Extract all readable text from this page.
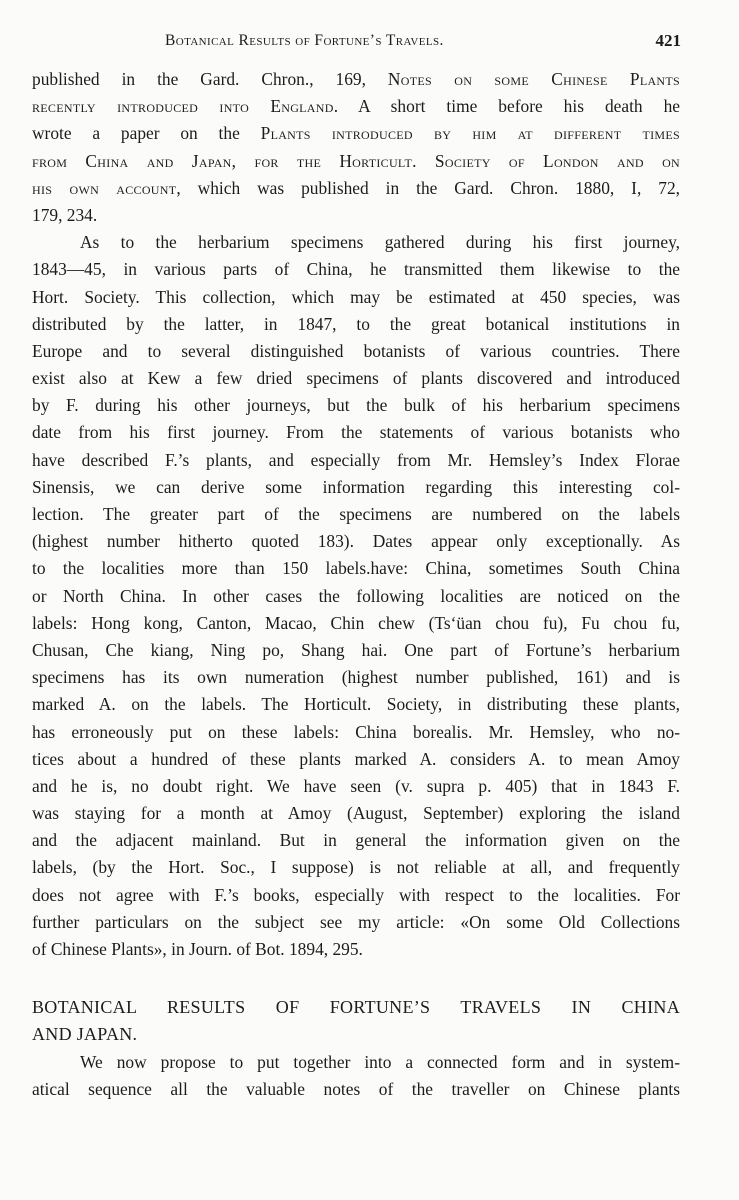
Botanical Results of Fortune’s Travels.	421
published in the Gard. Chron., 169, Notes on some Chinese Plants
recently introduced into England. A short time before his death he
wrote a paper on the Plants introduced by him at different times
from China and Japan, for the Horticult. Society of London and on
his own account, which was published in the Gard. Chron. 1880, I, 72,
179, 234.
As to the herbarium specimens gathered during his first journey,
1843—45, in various parts of China, he transmitted them likewise to the
Hort. Society. This collection, which may be estimated at 450 species, was
distributed by the latter, in 1847, to the great botanical institutions in
Europe and to several distinguished botanists of various countries. There
exist also at Kew a few dried specimens of plants discovered and introduced
by F. during his other journeys, but the bulk of his herbarium specimens
date from his first journey. From the statements of various botanists who
have described F.’s plants, and especially from Mr. Hemsley’s Index Florae
Sinensis, we can derive some information regarding this interesting col-
lection. The greater part of the specimens are numbered on the labels
(highest number hitherto quoted 183). Dates appear only exceptionally. As
to the localities more than 150 labels.have: China, sometimes South China
or North China. In other cases the following localities are noticed on the
labels: Hong kong, Canton, Macao, Chin chew (Ts‘üan chou fu), Fu chou fu,
Chusan, Che kiang, Ning po, Shang hai. One part of Fortune’s herbarium
specimens has its own numeration (highest number published, 161) and is
marked A. on the labels. The Horticult. Society, in distributing these plants,
has erroneously put on these labels: China borealis. Mr. Hemsley, who no-
tices about a hundred of these plants marked A. considers A. to mean Amoy
and he is, no doubt right. We have seen (v. supra p. 405) that in 1843 F.
was staying for a month at Amoy (August, September) exploring the island
and the adjacent mainland. But in general the information given on the
labels, (by the Hort. Soc., I suppose) is not reliable at all, and frequently
does not agree with F.’s books, especially with respect to the localities. For
further particulars on the subject see my article: «On some Old Collections
of Chinese Plants», in Journ. of Bot. 1894, 295.
BOTANICAL RESULTS OF FORTUNE’S TRAVELS IN CHINA
AND JAPAN.
We now propose to put together into a connected form and in system-
atical sequence all the valuable notes of the traveller on Chinese plants
